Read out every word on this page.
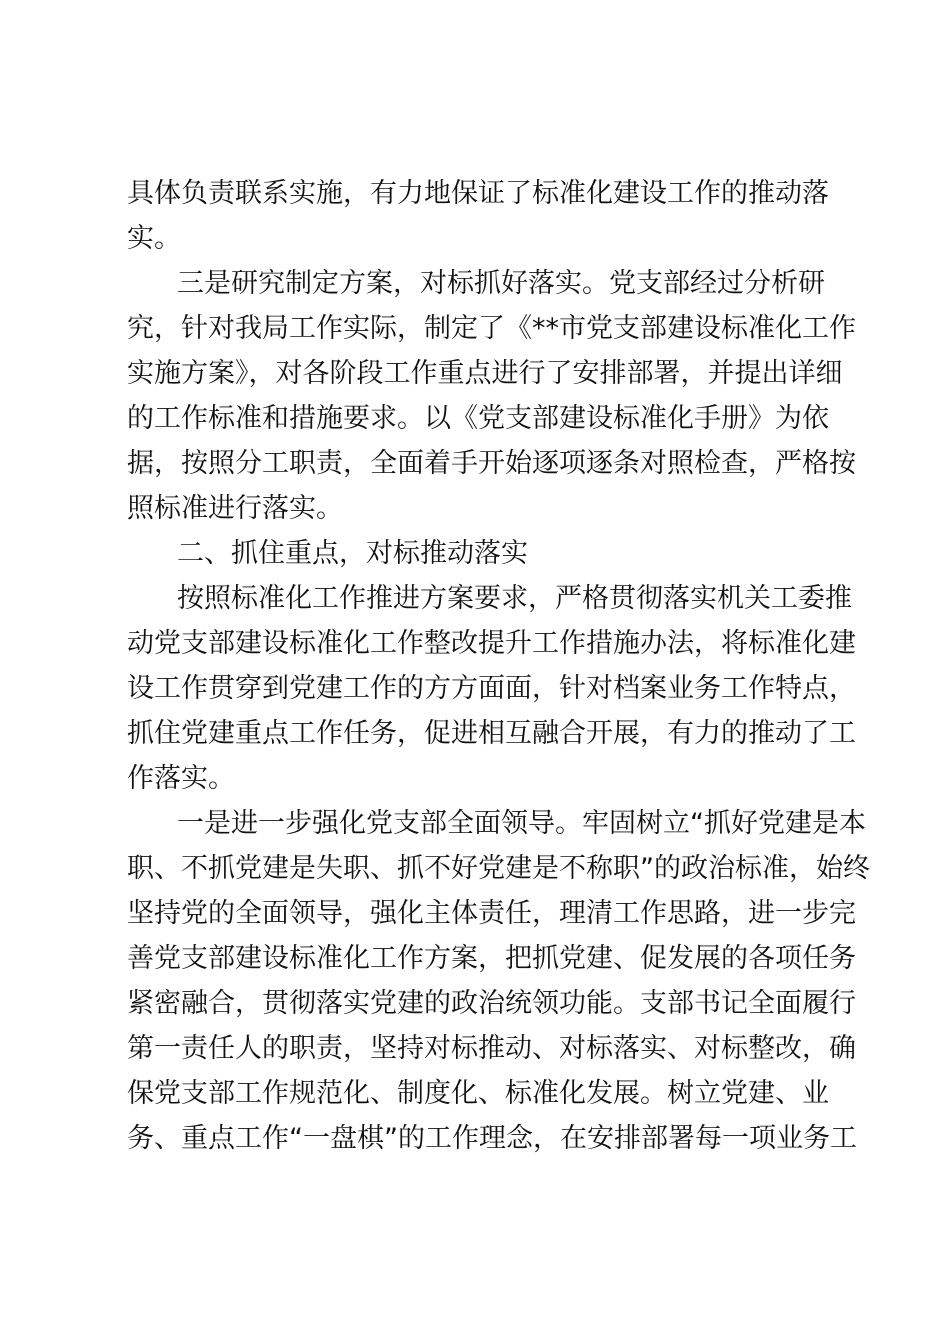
具体负责联系实施，有力地保证了标准化建设工作的推动落
实。
三是研究制定方案，对标抓好落实。党支部经过分析研
究，针对我局工作实际，制定了《**市党支部建设标准化工作
实施方案》，对各阶段工作重点进行了安排部署，并提出详细
的工作标准和措施要求。以《党支部建设标准化手册》为依
据，按照分工职责，全面着手开始逐项逐条对照检查，严格按
照标准进行落实。
二、抓住重点，对标推动落实
按照标准化工作推进方案要求，严格贯彻落实机关工委推
动党支部建设标准化工作整改提升工作措施办法，将标准化建
设工作贯穿到党建工作的方方面面，针对档案业务工作特点，
抓住党建重点工作任务，促进相互融合开展，有力的推动了工
作落实。
一是进一步强化党支部全面领导。牢固树立“抓好党建是本
职、不抓党建是失职、抓不好党建是不称职”的政治标准，始终
坚持党的全面领导，强化主体责任，理清工作思路，进一步完
善党支部建设标准化工作方案，把抓党建、促发展的各项任务
紧密融合，贯彻落实党建的政治统领功能。支部书记全面履行
第一责任人的职责，坚持对标推动、对标落实、对标整改，确
保党支部工作规范化、制度化、标准化发展。树立党建、业
务、重点工作“一盘棋”的工作理念，在安排部署每一项业务工
